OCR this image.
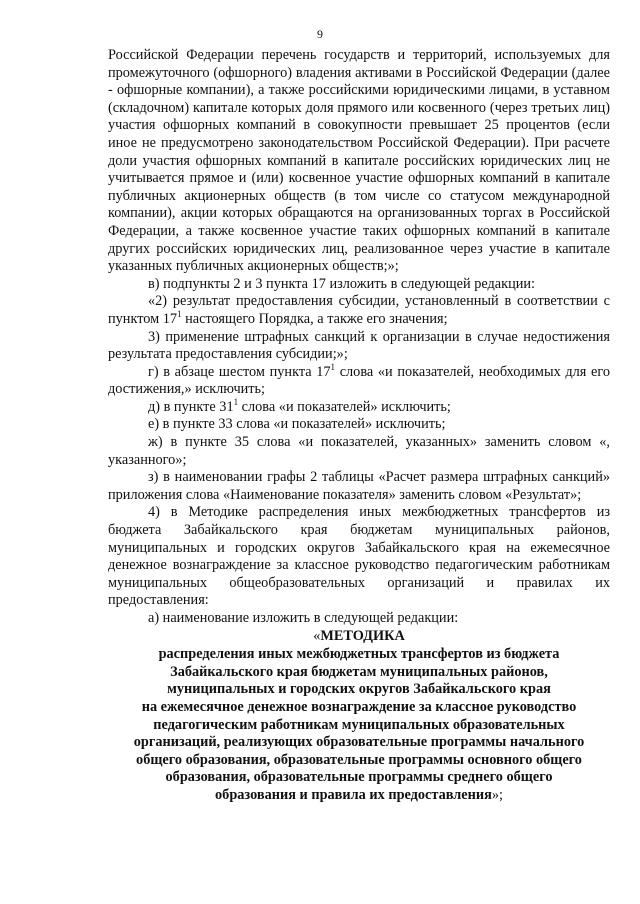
9

Российской Федерации перечень государств и территорий, используемых для промежуточного (офшорного) владения активами в Российской Федерации (далее - офшорные компании), а также российскими юридическими лицами, в уставном (складочном) капитале которых доля прямого или косвенного (через третьих лиц) участия офшорных компаний в совокупности превышает 25 процентов (если иное не предусмотрено законодательством Российской Федерации). При расчете доли участия офшорных компаний в капитале российских юридических лиц не учитывается прямое и (или) косвенное участие офшорных компаний в капитале публичных акционерных обществ (в том числе со статусом международной компании), акции которых обращаются на организованных торгах в Российской Федерации, а также косвенное участие таких офшорных компаний в капитале других российских юридических лиц, реализованное через участие в капитале указанных публичных акционерных обществ;»;

в) подпункты 2 и 3 пункта 17 изложить в следующей редакции:

«2) результат предоставления субсидии, установленный в соответствии с пунктом $17^1$ настоящего Порядка, а также его значения;

3) применение штрафных санкций к организации в случае недостижения результата предоставления субсидии;»;

г) в абзаце шестом пункта $17^1$ слова «и показателей, необходимых для его достижения,» исключить;

д) в пункте $31^1$ слова «и показателей» исключить;

е) в пункте 33 слова «и показателей» исключить;

ж) в пункте 35 слова «и показателей, указанных» заменить словом «, указанного»;

з) в наименовании графы 2 таблицы «Расчет размера штрафных санкций» приложения слова «Наименование показателя» заменить словом «Результат»;

4) в Методике распределения иных межбюджетных трансфертов из бюджета Забайкальского края бюджетам муниципальных районов, муниципальных и городских округов Забайкальского края на ежемесячное денежное вознаграждение за классное руководство педагогическим работникам муниципальных общеобразовательных организаций и правилах их предоставления:

а) наименование изложить в следующей редакции:

«МЕТОДИКА
распределения иных межбюджетных трансфертов из бюджета
Забайкальского края бюджетам муниципальных районов,
муниципальных и городских округов Забайкальского края
на ежемесячное денежное вознаграждение за классное руководство
педагогическим работникам муниципальных образовательных
организаций, реализующих образовательные программы начального
общего образования, образовательные программы основного общего
образования, образовательные программы среднего общего
образования и правила их предоставления»;
